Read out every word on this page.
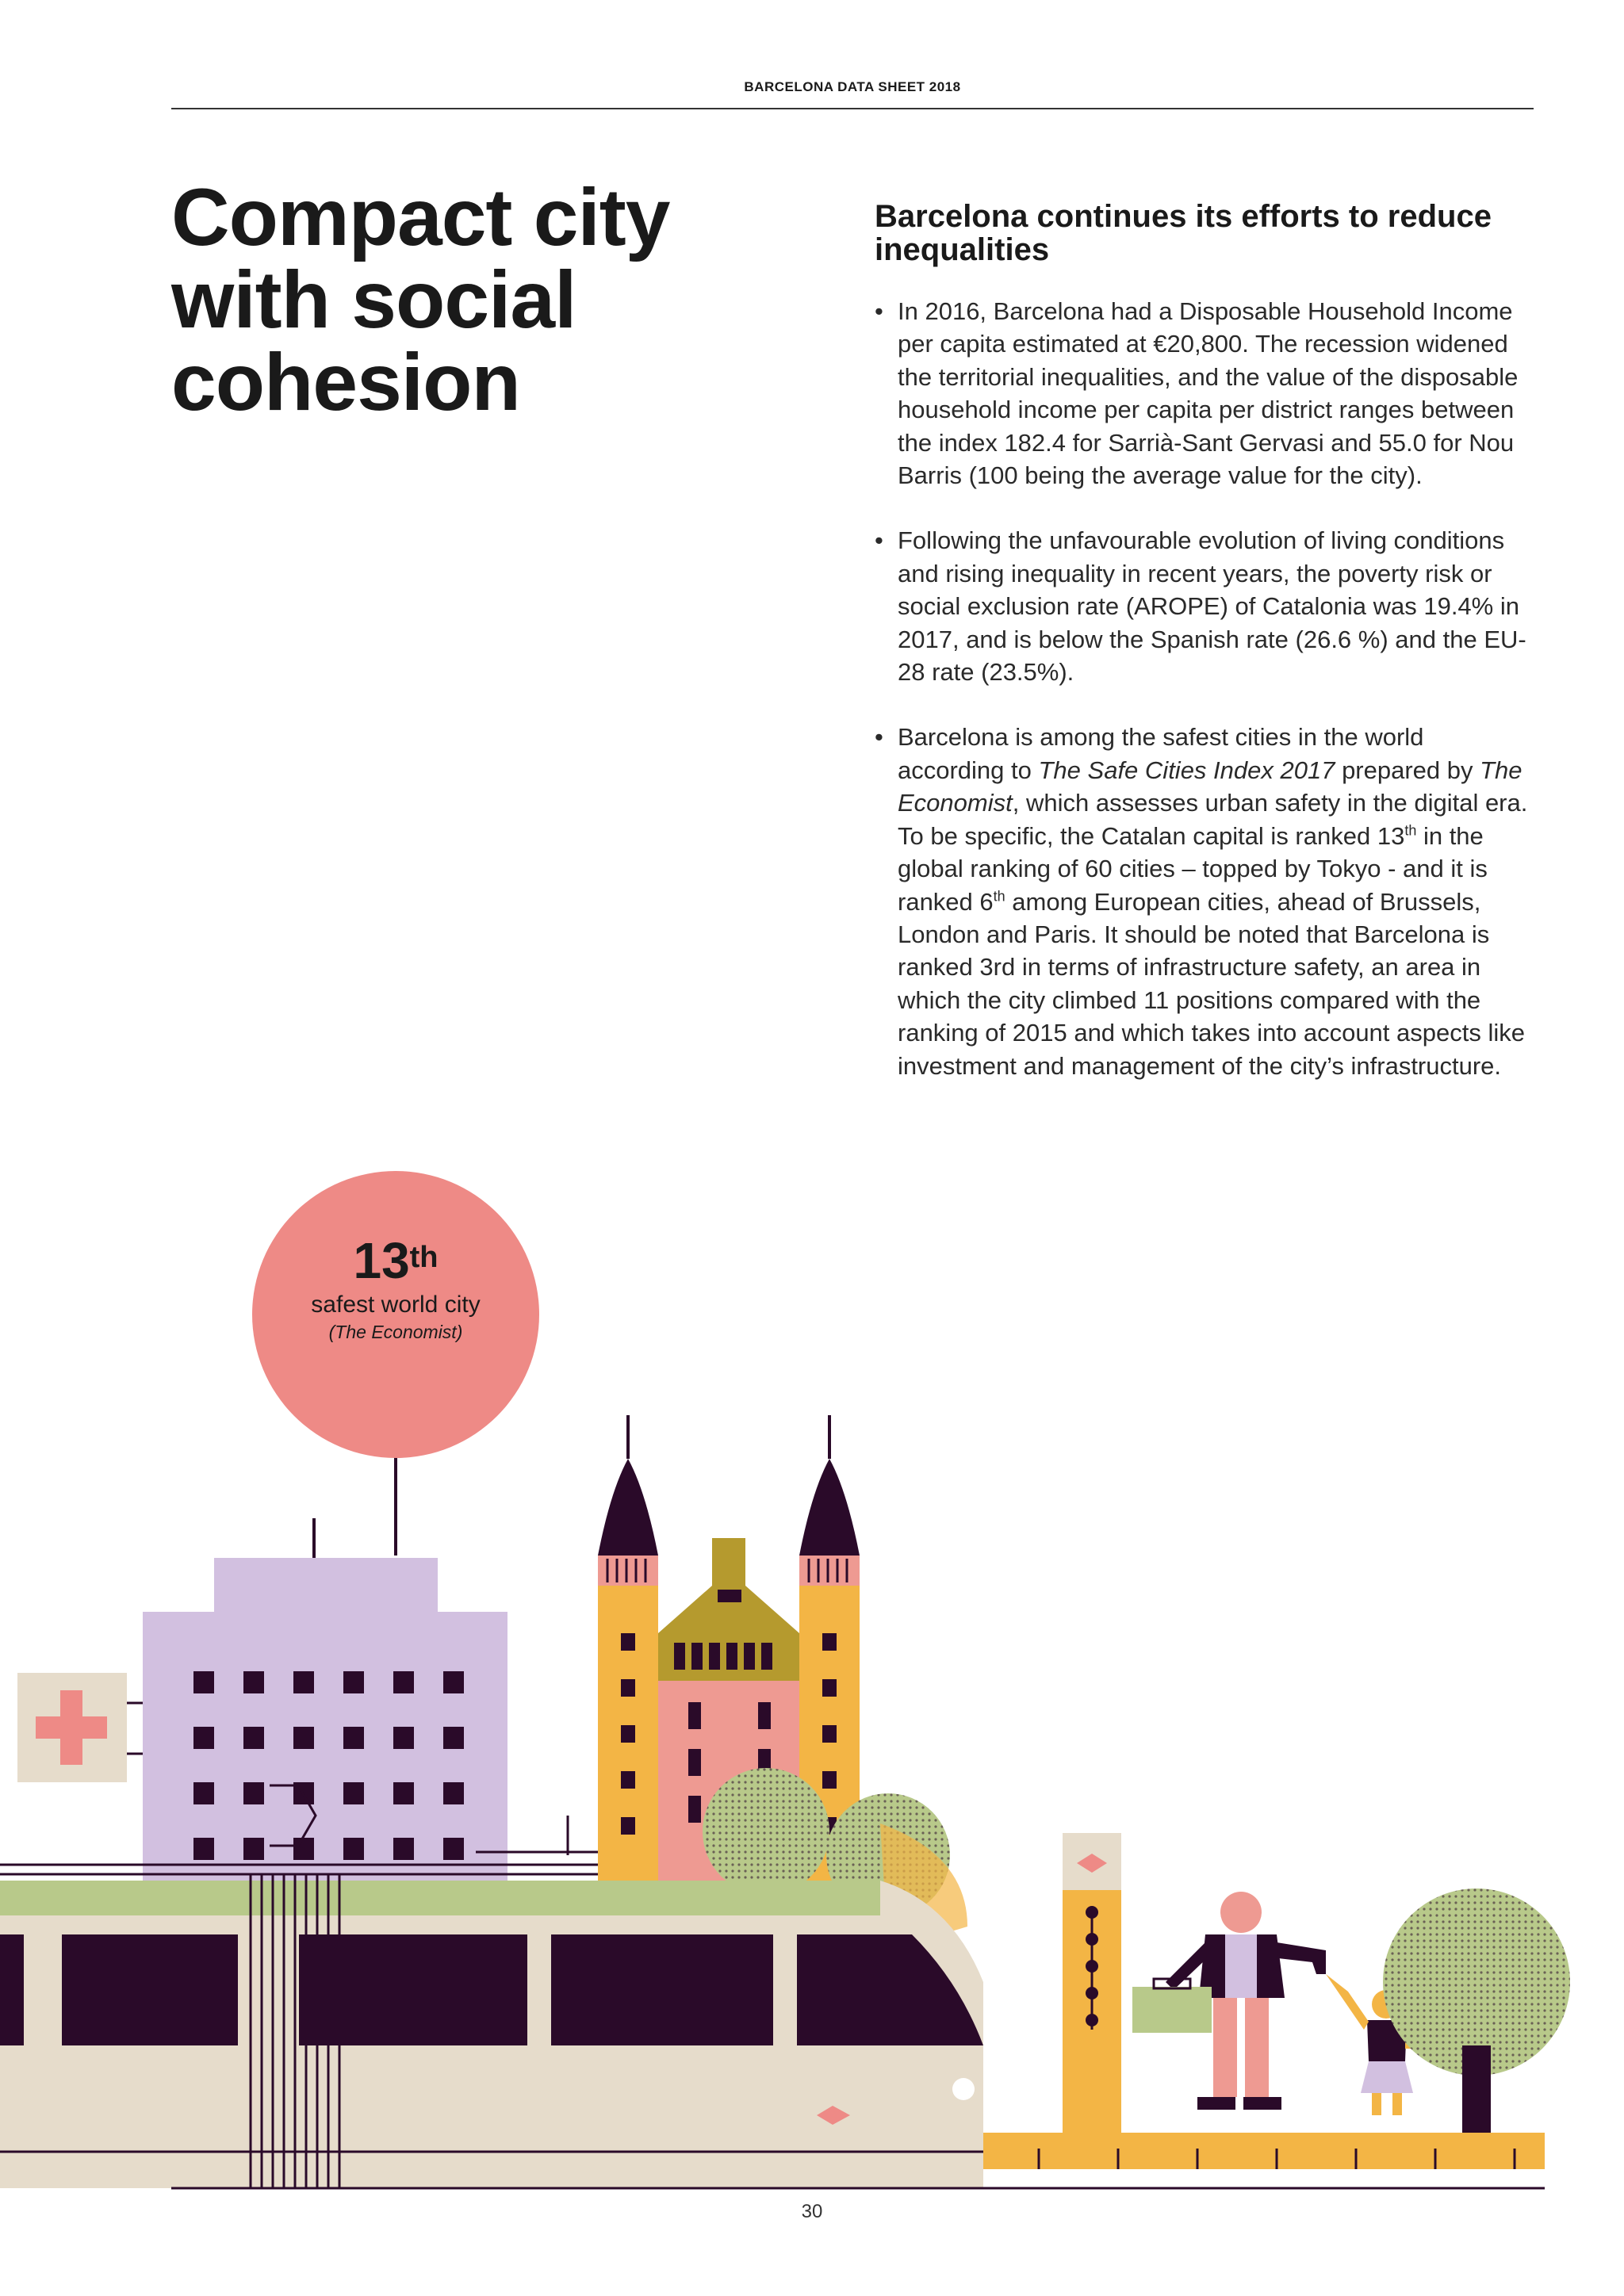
BARCELONA DATA SHEET 2018
Compact city
with social
cohesion
Barcelona continues its efforts to reduce inequalities
• In 2016, Barcelona had a Disposable Household Income per capita estimated at €20,800. The recession widened the territorial inequalities, and the value of the disposable household income per capita per district ranges between the index 182.4 for Sarrià-Sant Gervasi and 55.0 for Nou Barris (100 being the average value for the city).
• Following the unfavourable evolution of living conditions and rising inequality in recent years, the poverty risk or social exclusion rate (AROPE) of Catalonia was 19.4% in 2017, and is below the Spanish rate (26.6 %) and the EU-28 rate (23.5%).
• Barcelona is among the safest cities in the world according to The Safe Cities Index 2017 prepared by The Economist, which assesses urban safety in the digital era. To be specific, the Catalan capital is ranked 13th in the global ranking of 60 cities – topped by Tokyo - and it is ranked 6th among European cities, ahead of Brussels, London and Paris. It should be noted that Barcelona is ranked 3rd in terms of infrastructure safety, an area in which the city climbed 11 positions compared with the ranking of 2015 and which takes into account aspects like investment and management of the city’s infrastructure.
13th
safest world city
(The Economist)
30
